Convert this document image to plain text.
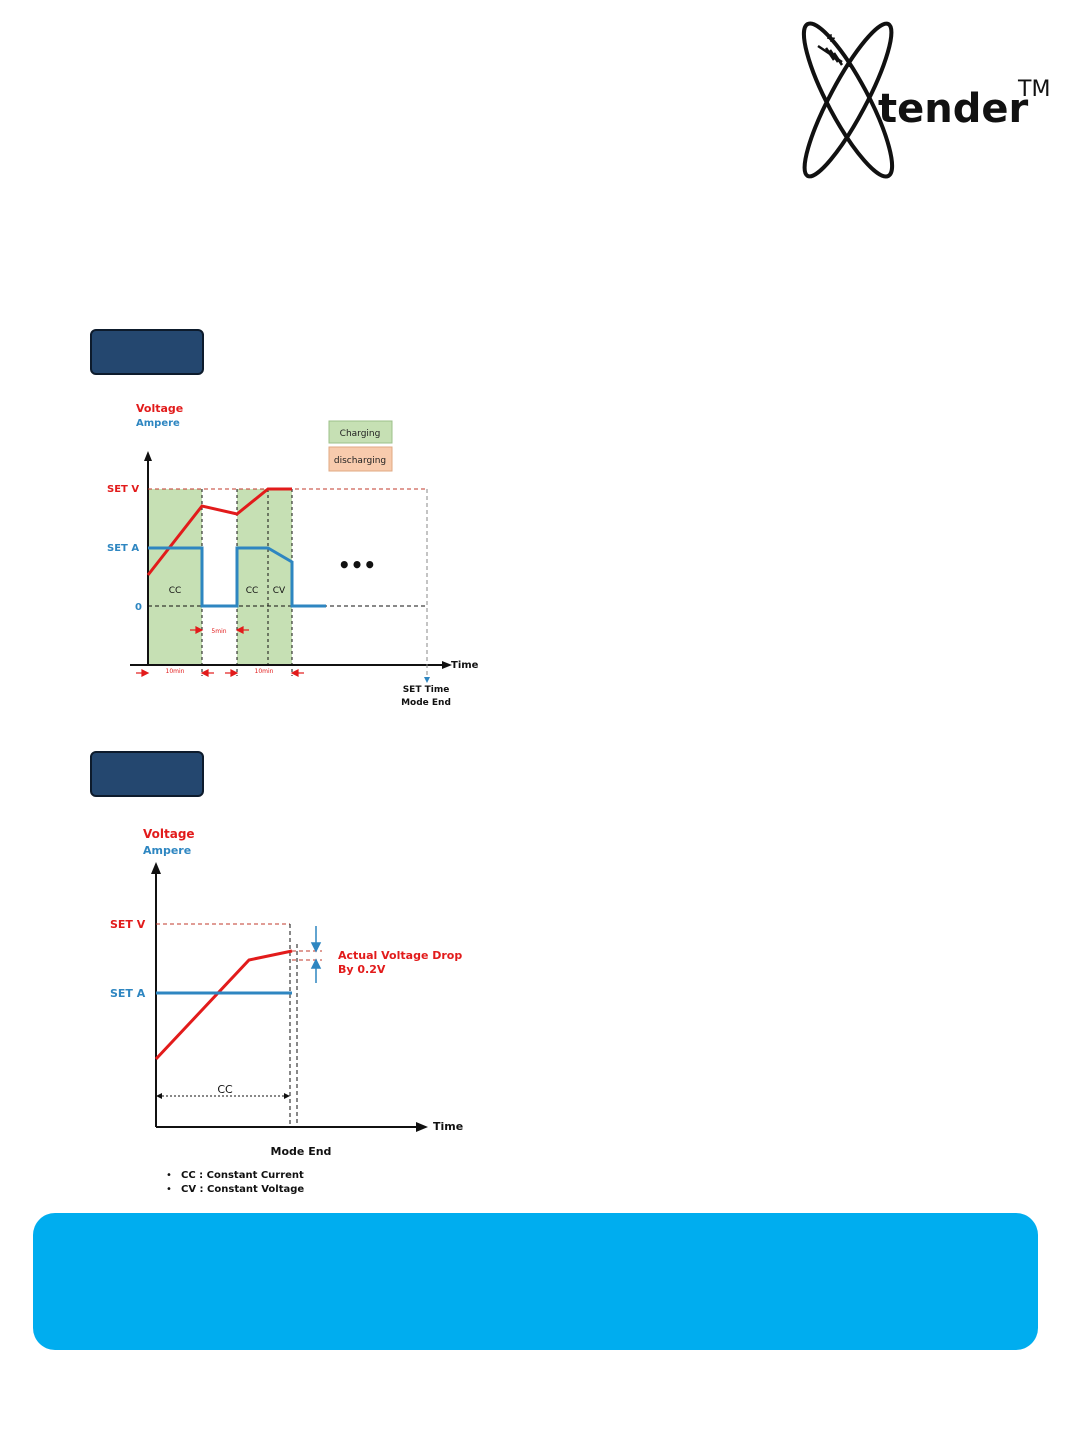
+
-
tender
TM
Charging
discharging
Voltage
Ampere
SET V
SET A
0
CC	CC CV
•••
5min
10min	10min
Time
SET Time
Mode End
Voltage
Ampere
SET V
SET A
Actual Voltage Drop
By 0.2V
CC
Time
Mode End
• CC : Constant Current
• CV : Constant Voltage
